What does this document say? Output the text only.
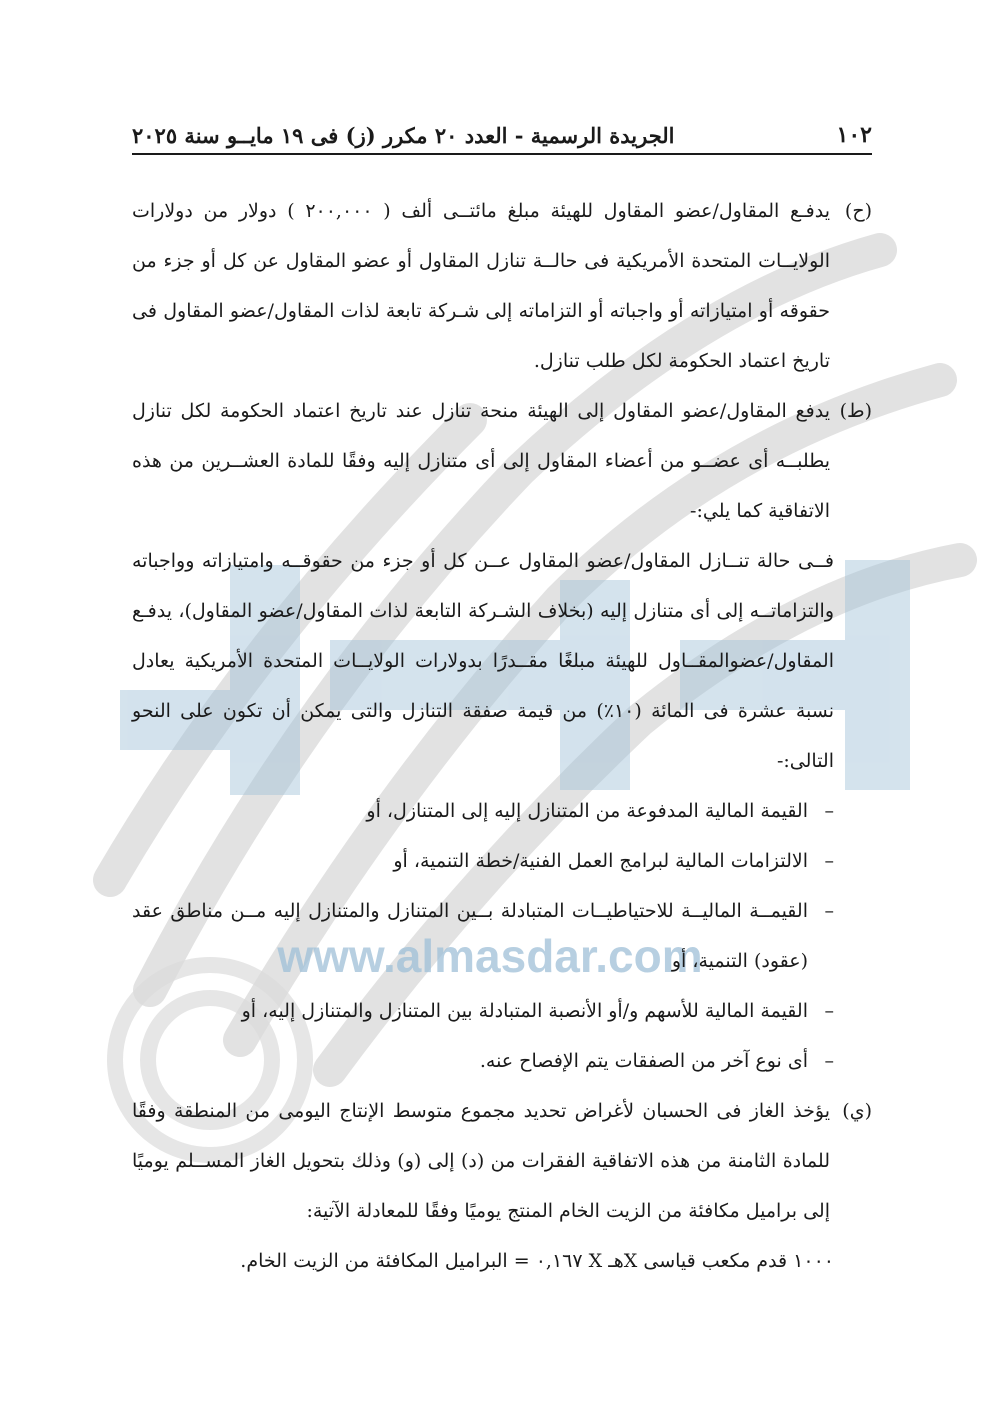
www.almasdar.com
١٠٢
الجريدة الرسمية - العدد ٢٠ مكرر (ز) فى ١٩ مايــو سنة ٢٠٢٥
(ح)
يدفـع المقاول/عضو المقاول للهيئة مبلغ مائتــى ألف ( ٢٠٠,٠٠٠ ) دولار من دولارات الولايــات المتحدة الأمريكية فى حالــة تنازل المقاول أو عضو المقاول عن كل أو جزء من حقوقه أو امتيازاته أو واجباته أو التزاماته إلى شـركة تابعة لذات المقاول/عضو المقاول فى تاريخ اعتماد الحكومة لكل طلب تنازل.
(ط)
يدفع المقاول/عضو المقاول إلى الهيئة منحة تنازل عند تاريخ اعتماد الحكومة لكل تنازل يطلبــه أى عضــو من أعضاء المقاول إلى أى متنازل إليه وفقًا للمادة العشــرين من هذه الاتفاقية كما يلي:-
فــى حالة تنــازل المقاول/عضو المقاول عــن كل أو جزء من حقوقــه وامتيازاته وواجباته والتزاماتــه إلى أى متنازل إليه (بخلاف الشـركة التابعة لذات المقاول/عضو المقاول)، يدفـع المقاول/عضوالمقــاول للهيئة مبلغًا مقــدرًا بدولارات الولايــات المتحدة الأمريكية يعادل نسبة عشرة فى المائة (١٠٪) من قيمة صفقة التنازل والتى يمكن أن تكون على النحو التالى:-
–
القيمة المالية المدفوعة من المتنازل إليه إلى المتنازل، أو
–
الالتزامات المالية لبرامج العمل الفنية/خطة التنمية، أو
–
القيمــة الماليــة للاحتياطيــات المتبادلة بــين المتنازل والمتنازل إليه مــن مناطق عقد (عقود) التنمية، أو
–
القيمة المالية للأسهم و/أو الأنصبة المتبادلة بين المتنازل والمتنازل إليه، أو
–
أى نوع آخر من الصفقات يتم الإفصاح عنه.
(ي)
يؤخذ الغاز فى الحسبان لأغراض تحديد مجموع متوسط الإنتاج اليومى من المنطقة وفقًا للمادة الثامنة من هذه الاتفاقية الفقرات من (د) إلى (و) وذلك بتحويل الغاز المســلم يوميًا إلى براميل مكافئة من الزيت الخام المنتج يوميًا وفقًا للمعادلة الآتية:
١٠٠٠ قدم مكعب قياسى Xهـ X ٠,١٦٧ = البراميل المكافئة من الزيت الخام.
